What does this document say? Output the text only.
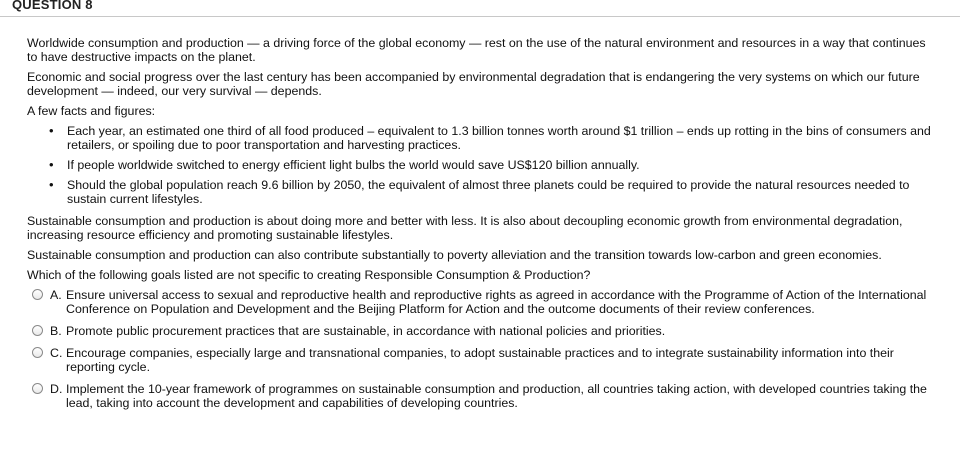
QUESTION 8

Worldwide consumption and production — a driving force of the global economy — rest on the use of the natural environment and resources in a way that continues to have destructive impacts on the planet.

Economic and social progress over the last century has been accompanied by environmental degradation that is endangering the very systems on which our future development — indeed, our very survival — depends.

A few facts and figures:

• Each year, an estimated one third of all food produced – equivalent to 1.3 billion tonnes worth around $1 trillion – ends up rotting in the bins of consumers and retailers, or spoiling due to poor transportation and harvesting practices.
• If people worldwide switched to energy efficient light bulbs the world would save US$120 billion annually.
• Should the global population reach 9.6 billion by 2050, the equivalent of almost three planets could be required to provide the natural resources needed to sustain current lifestyles.

Sustainable consumption and production is about doing more and better with less. It is also about decoupling economic growth from environmental degradation, increasing resource efficiency and promoting sustainable lifestyles.

Sustainable consumption and production can also contribute substantially to poverty alleviation and the transition towards low-carbon and green economies.

Which of the following goals listed are not specific to creating Responsible Consumption & Production?

A. Ensure universal access to sexual and reproductive health and reproductive rights as agreed in accordance with the Programme of Action of the International Conference on Population and Development and the Beijing Platform for Action and the outcome documents of their review conferences.
B. Promote public procurement practices that are sustainable, in accordance with national policies and priorities.
C. Encourage companies, especially large and transnational companies, to adopt sustainable practices and to integrate sustainability information into their reporting cycle.
D. Implement the 10-year framework of programmes on sustainable consumption and production, all countries taking action, with developed countries taking the lead, taking into account the development and capabilities of developing countries.
